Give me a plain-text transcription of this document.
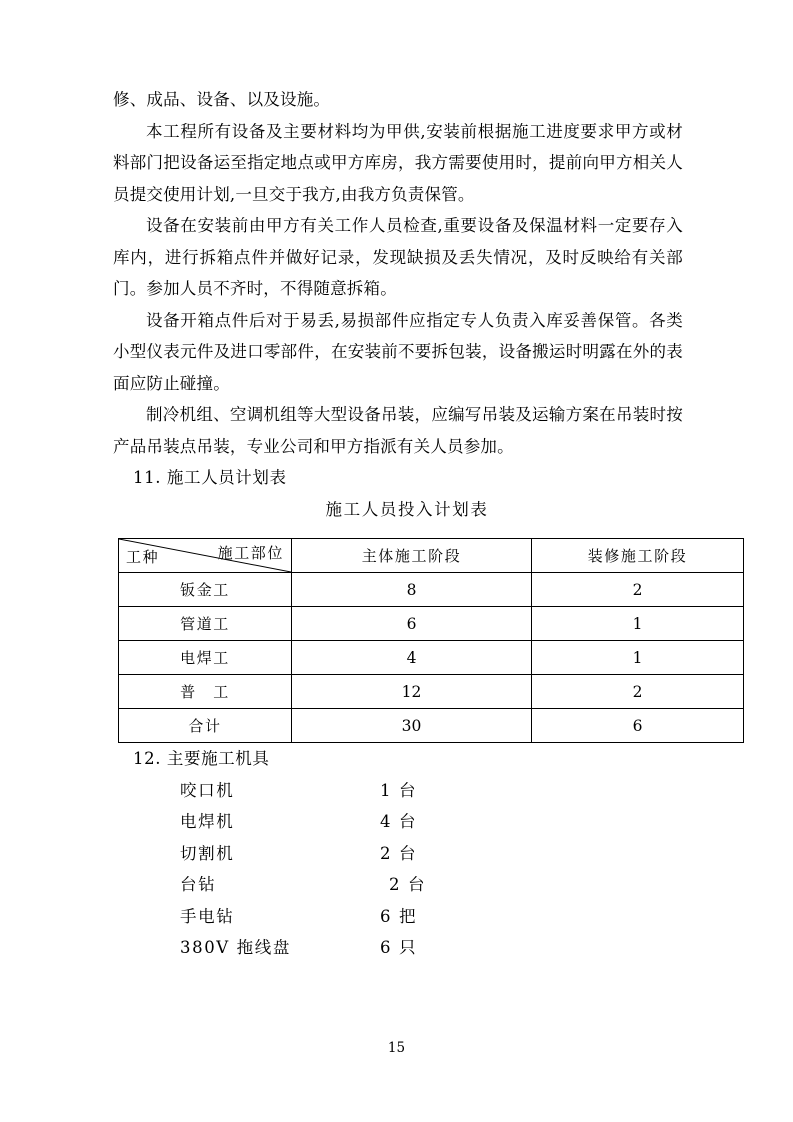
修、成品、设备、以及设施。

本工程所有设备及主要材料均为甲供,安装前根据施工进度要求甲方或材料部门把设备运至指定地点或甲方库房，我方需要使用时，提前向甲方相关人员提交使用计划,一旦交于我方,由我方负责保管。

设备在安装前由甲方有关工作人员检查,重要设备及保温材料一定要存入库内，进行拆箱点件并做好记录，发现缺损及丢失情况，及时反映给有关部门。参加人员不齐时，不得随意拆箱。

设备开箱点件后对于易丢,易损部件应指定专人负责入库妥善保管。各类小型仪表元件及进口零部件，在安装前不要拆包装，设备搬运时明露在外的表面应防止碰撞。

制冷机组、空调机组等大型设备吊装，应编写吊装及运输方案在吊装时按产品吊装点吊装，专业公司和甲方指派有关人员参加。

11. 施工人员计划表

施工人员投入计划表

施工部位
工种	主体施工阶段	装修施工阶段
钣金工	8	2
管道工	6	1
电焊工	4	1
普　工	12	2
合计	30	6

12. 主要施工机具

咬口机	1 台
电焊机	4 台
切割机	2 台
台钻	2 台
手电钻	6 把
380V 拖线盘	6 只
15
